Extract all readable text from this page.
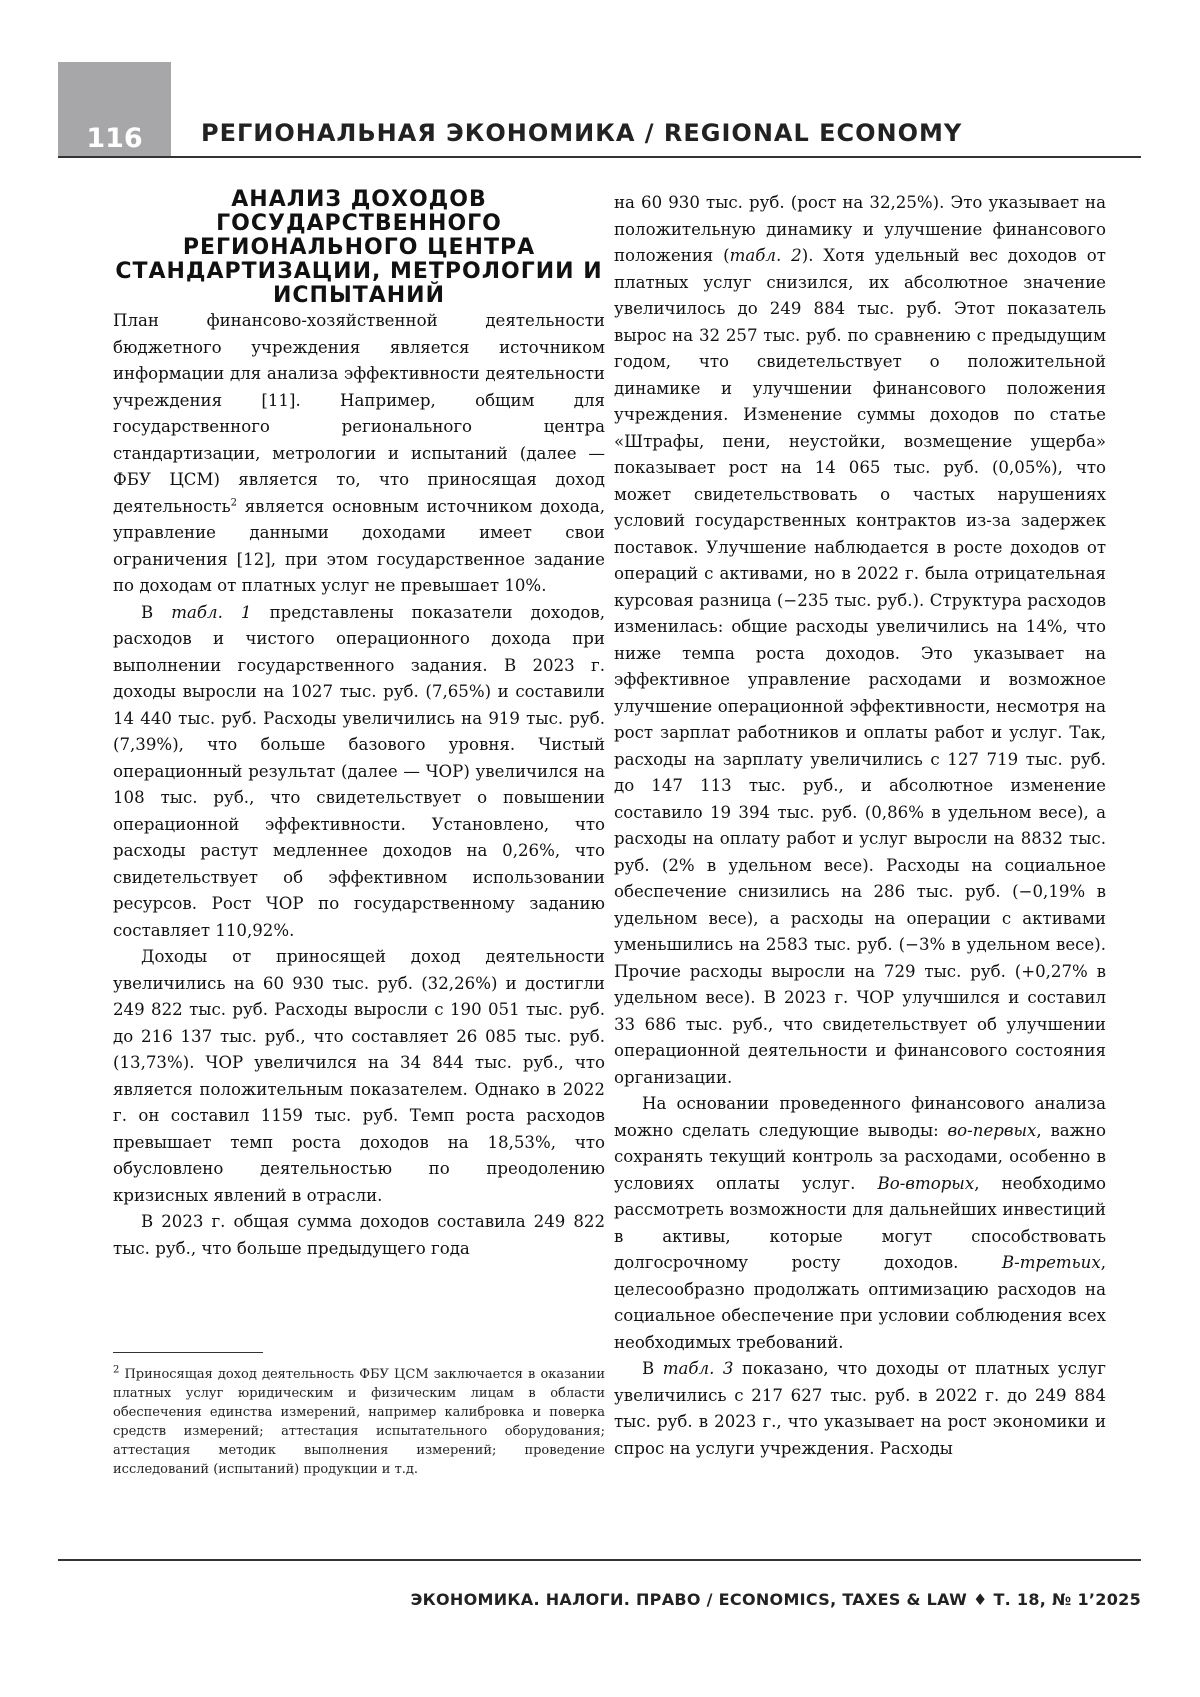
116	РЕГИОНАЛЬНАЯ ЭКОНОМИКА / REGIONAL ECONOMY
АНАЛИЗ ДОХОДОВ ГОСУДАРСТВЕННОГО РЕГИОНАЛЬНОГО ЦЕНТРА СТАНДАРТИЗАЦИИ, МЕТРОЛОГИИ И ИСПЫТАНИЙ

План финансово-хозяйственной деятельности бюджетного учреждения является источником информации для анализа эффективности деятельности учреждения [11]. Например, общим для государственного регионального центра стандартизации, метрологии и испытаний (далее — ФБУ ЦСМ) является то, что приносящая доход деятельность2 является основным источником дохода, управление данными доходами имеет свои ограничения [12], при этом государственное задание по доходам от платных услуг не превышает 10%.

В табл. 1 представлены показатели доходов, расходов и чистого операционного дохода при выполнении государственного задания. В 2023 г. доходы выросли на 1027 тыс. руб. (7,65%) и составили 14 440 тыс. руб. Расходы увеличились на 919 тыс. руб. (7,39%), что больше базового уровня. Чистый операционный результат (далее — ЧОР) увеличился на 108 тыс. руб., что свидетельствует о повышении операционной эффективности. Установлено, что расходы растут медленнее доходов на 0,26%, что свидетельствует об эффективном использовании ресурсов. Рост ЧОР по государственному заданию составляет 110,92%.

Доходы от приносящей доход деятельности увеличились на 60 930 тыс. руб. (32,26%) и достигли 249 822 тыс. руб. Расходы выросли с 190 051 тыс. руб. до 216 137 тыс. руб., что составляет 26 085 тыс. руб. (13,73%). ЧОР увеличился на 34 844 тыс. руб., что является положительным показателем. Однако в 2022 г. он составил 1159 тыс. руб. Темп роста расходов превышает темп роста доходов на 18,53%, что обусловлено деятельностью по преодолению кризисных явлений в отрасли.

В 2023 г. общая сумма доходов составила 249 822 тыс. руб., что больше предыдущего года

2 Приносящая доход деятельность ФБУ ЦСМ заключается в оказании платных услуг юридическим и физическим лицам в области обеспечения единства измерений, например калибровка и поверка средств измерений; аттестация испытательного оборудования; аттестация методик выполнения измерений; проведение исследований (испытаний) продукции и т.д.

на 60 930 тыс. руб. (рост на 32,25%). Это указывает на положительную динамику и улучшение финансового положения (табл. 2). Хотя удельный вес доходов от платных услуг снизился, их абсолютное значение увеличилось до 249 884 тыс. руб. Этот показатель вырос на 32 257 тыс. руб. по сравнению с предыдущим годом, что свидетельствует о положительной динамике и улучшении финансового положения учреждения. Изменение суммы доходов по статье «Штрафы, пени, неустойки, возмещение ущерба» показывает рост на 14 065 тыс. руб. (0,05%), что может свидетельствовать о частых нарушениях условий государственных контрактов из-за задержек поставок. Улучшение наблюдается в росте доходов от операций с активами, но в 2022 г. была отрицательная курсовая разница (−235 тыс. руб.). Структура расходов изменилась: общие расходы увеличились на 14%, что ниже темпа роста доходов. Это указывает на эффективное управление расходами и возможное улучшение операционной эффективности, несмотря на рост зарплат работников и оплаты работ и услуг. Так, расходы на зарплату увеличились с 127 719 тыс. руб. до 147 113 тыс. руб., и абсолютное изменение составило 19 394 тыс. руб. (0,86% в удельном весе), а расходы на оплату работ и услуг выросли на 8832 тыс. руб. (2% в удельном весе). Расходы на социальное обеспечение снизились на 286 тыс. руб. (−0,19% в удельном весе), а расходы на операции с активами уменьшились на 2583 тыс. руб. (−3% в удельном весе). Прочие расходы выросли на 729 тыс. руб. (+0,27% в удельном весе). В 2023 г. ЧОР улучшился и составил 33 686 тыс. руб., что свидетельствует об улучшении операционной деятельности и финансового состояния организации.

На основании проведенного финансового анализа можно сделать следующие выводы: во-первых, важно сохранять текущий контроль за расходами, особенно в условиях оплаты услуг. Во-вторых, необходимо рассмотреть возможности для дальнейших инвестиций в активы, которые могут способствовать долгосрочному росту доходов. В-третьих, целесообразно продолжать оптимизацию расходов на социальное обеспечение при условии соблюдения всех необходимых требований.

В табл. 3 показано, что доходы от платных услуг увеличились с 217 627 тыс. руб. в 2022 г. до 249 884 тыс. руб. в 2023 г., что указывает на рост экономики и спрос на услуги учреждения. Расходы

ЭКОНОМИКА. НАЛОГИ. ПРАВО / ECONOMICS, TAXES & LAW ♦ Т. 18, № 1’2025
